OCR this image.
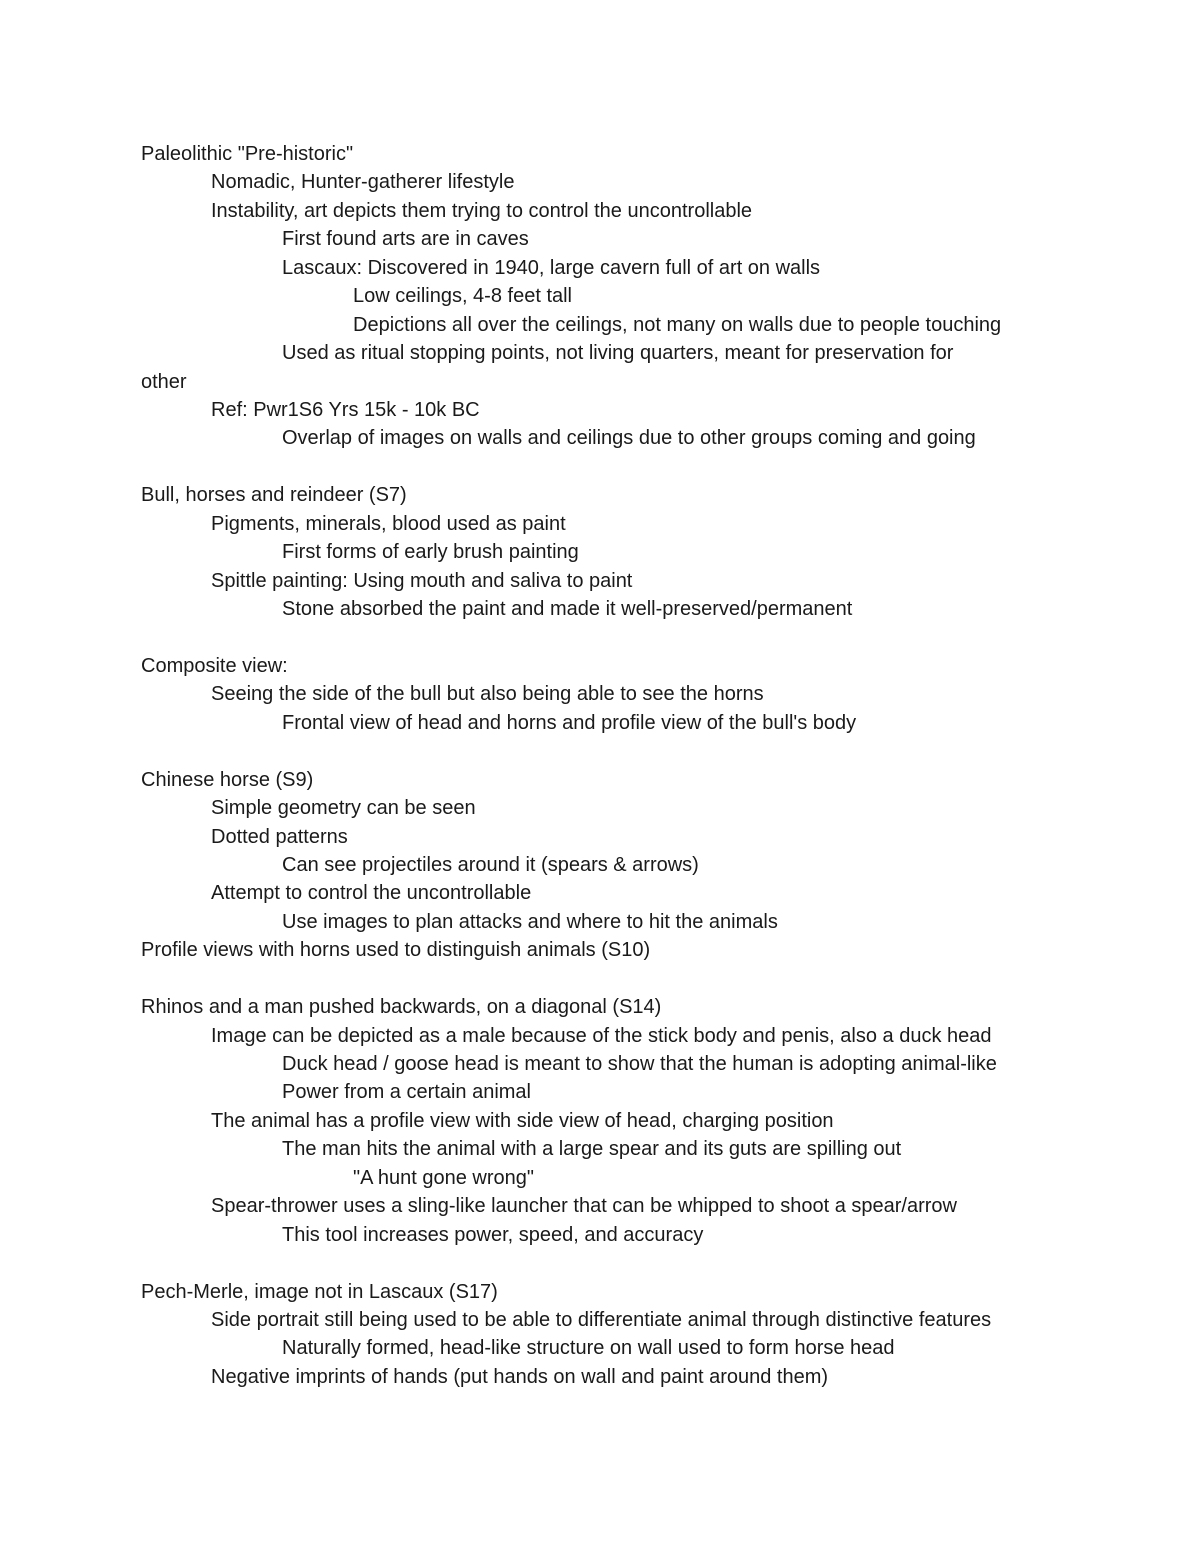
Paleolithic "Pre-historic"
Nomadic, Hunter-gatherer lifestyle
Instability, art depicts them trying to control the uncontrollable
First found arts are in caves
Lascaux: Discovered in 1940, large cavern full of art on walls
Low ceilings, 4-8 feet tall
Depictions all over the ceilings, not many on walls due to people touching
Used as ritual stopping points, not living quarters, meant for preservation for
other
Ref: Pwr1S6 Yrs 15k - 10k BC
Overlap of images on walls and ceilings due to other groups coming and going
Bull, horses and reindeer (S7)
Pigments, minerals, blood used as paint
First forms of early brush painting
Spittle painting: Using mouth and saliva to paint
Stone absorbed the paint and made it well-preserved/permanent
Composite view:
Seeing the side of the bull but also being able to see the horns
Frontal view of head and horns and profile view of the bull's body
Chinese horse (S9)
Simple geometry can be seen
Dotted patterns
Can see projectiles around it (spears & arrows)
Attempt to control the uncontrollable
Use images to plan attacks and where to hit the animals
Profile views with horns used to distinguish animals (S10)
Rhinos and a man pushed backwards, on a diagonal (S14)
Image can be depicted as a male because of the stick body and penis, also a duck head
Duck head / goose head is meant to show that the human is adopting animal-like
Power from a certain animal
The animal has a profile view with side view of head, charging position
The man hits the animal with a large spear and its guts are spilling out
"A hunt gone wrong"
Spear-thrower uses a sling-like launcher that can be whipped to shoot a spear/arrow
This tool increases power, speed, and accuracy
Pech-Merle, image not in Lascaux (S17)
Side portrait still being used to be able to differentiate animal through distinctive features
Naturally formed, head-like structure on wall used to form horse head
Negative imprints of hands (put hands on wall and paint around them)
